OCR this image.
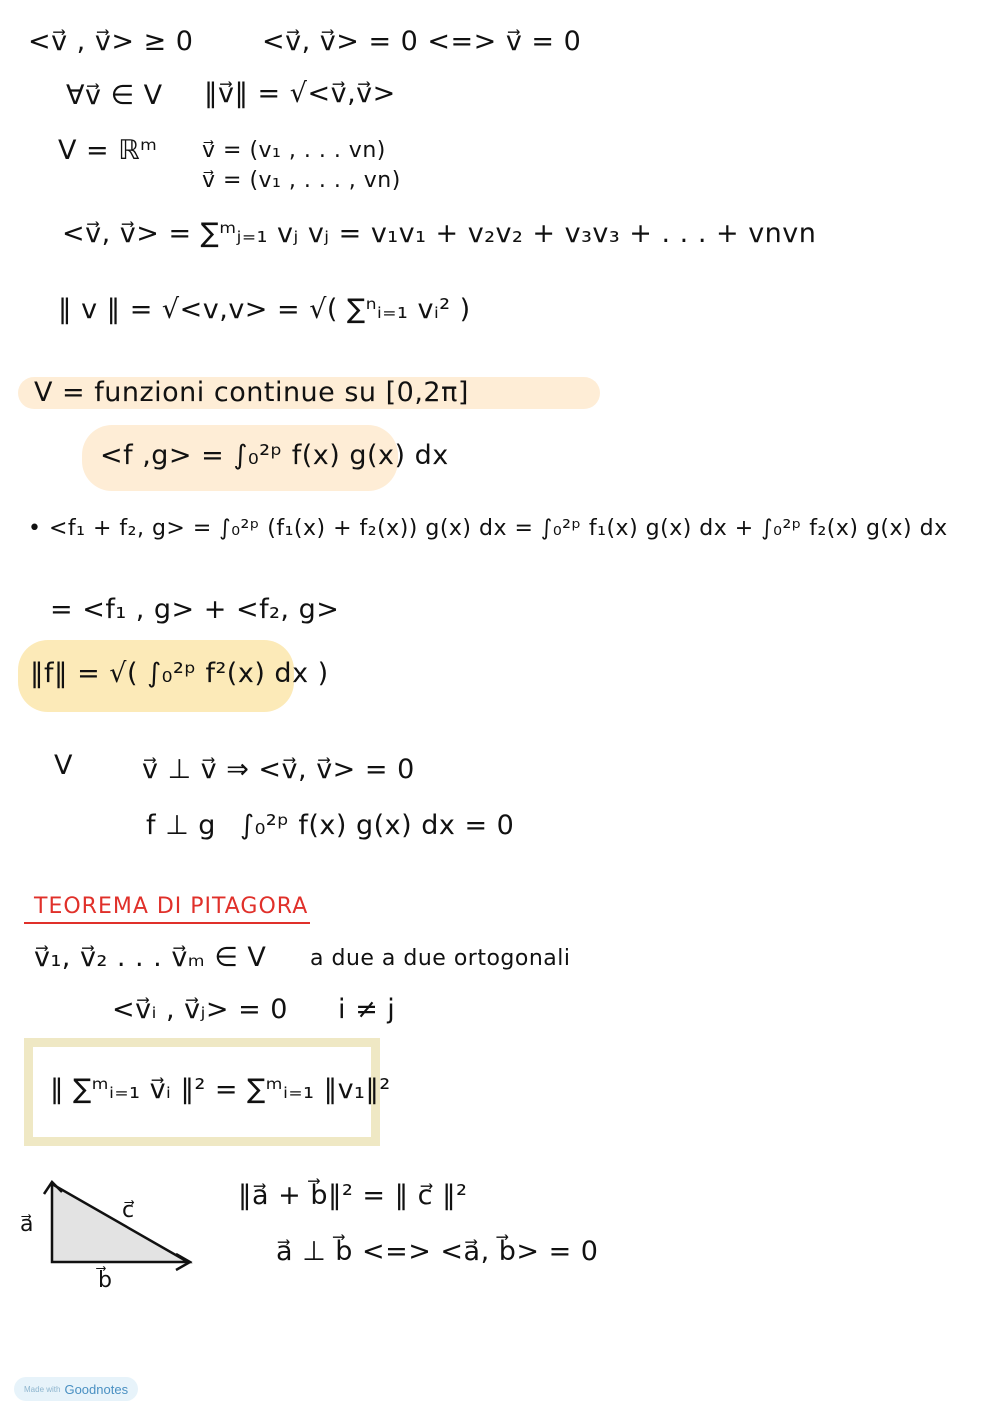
<v⃗ , v⃗> ≥ 0	<v⃗, v⃗> = 0 <=> v⃗ = 0
∀v⃗ ∈ V ‖v⃗‖ = √<v⃗,v⃗>
V = ℝᵐ v⃗ = (v₁ , . . . vn)
v⃗ = (v₁ , . . . , vn)
<v⃗, v⃗> = ∑ᵐⱼ₌₁ vⱼ vⱼ = v₁v₁ + v₂v₂ + v₃v₃ + . . . + vnvn
‖ v ‖ = √<v,v> = √( ∑ⁿᵢ₌₁ vᵢ² )
V = funzioni continue su [0,2π]
<f ,g> = ∫₀²ᵖ f(x) g(x) dx
• <f₁ + f₂, g> = ∫₀²ᵖ (f₁(x) + f₂(x)) g(x) dx = ∫₀²ᵖ f₁(x) g(x) dx + ∫₀²ᵖ f₂(x) g(x) dx
= <f₁ , g> + <f₂, g>
‖f‖ = √( ∫₀²ᵖ f²(x) dx )
V	v⃗ ⊥ v⃗ ⇒ <v⃗, v⃗> = 0
f ⊥ g ∫₀²ᵖ f(x) g(x) dx = 0
TEOREMA DI PITAGORA
v⃗₁, v⃗₂ . . . v⃗ₘ ∈ V a due a due ortogonali
<v⃗ᵢ , v⃗ⱼ> = 0 i ≠ j
‖ ∑ᵐᵢ₌₁ v⃗ᵢ ‖² = ∑ᵐᵢ₌₁ ‖v₁‖²
a⃗
c⃗
b⃗
‖a⃗ + b⃗‖² = ‖ c⃗ ‖²
a⃗ ⊥ b⃗ <=> <a⃗, b⃗> = 0
Made with Goodnotes
